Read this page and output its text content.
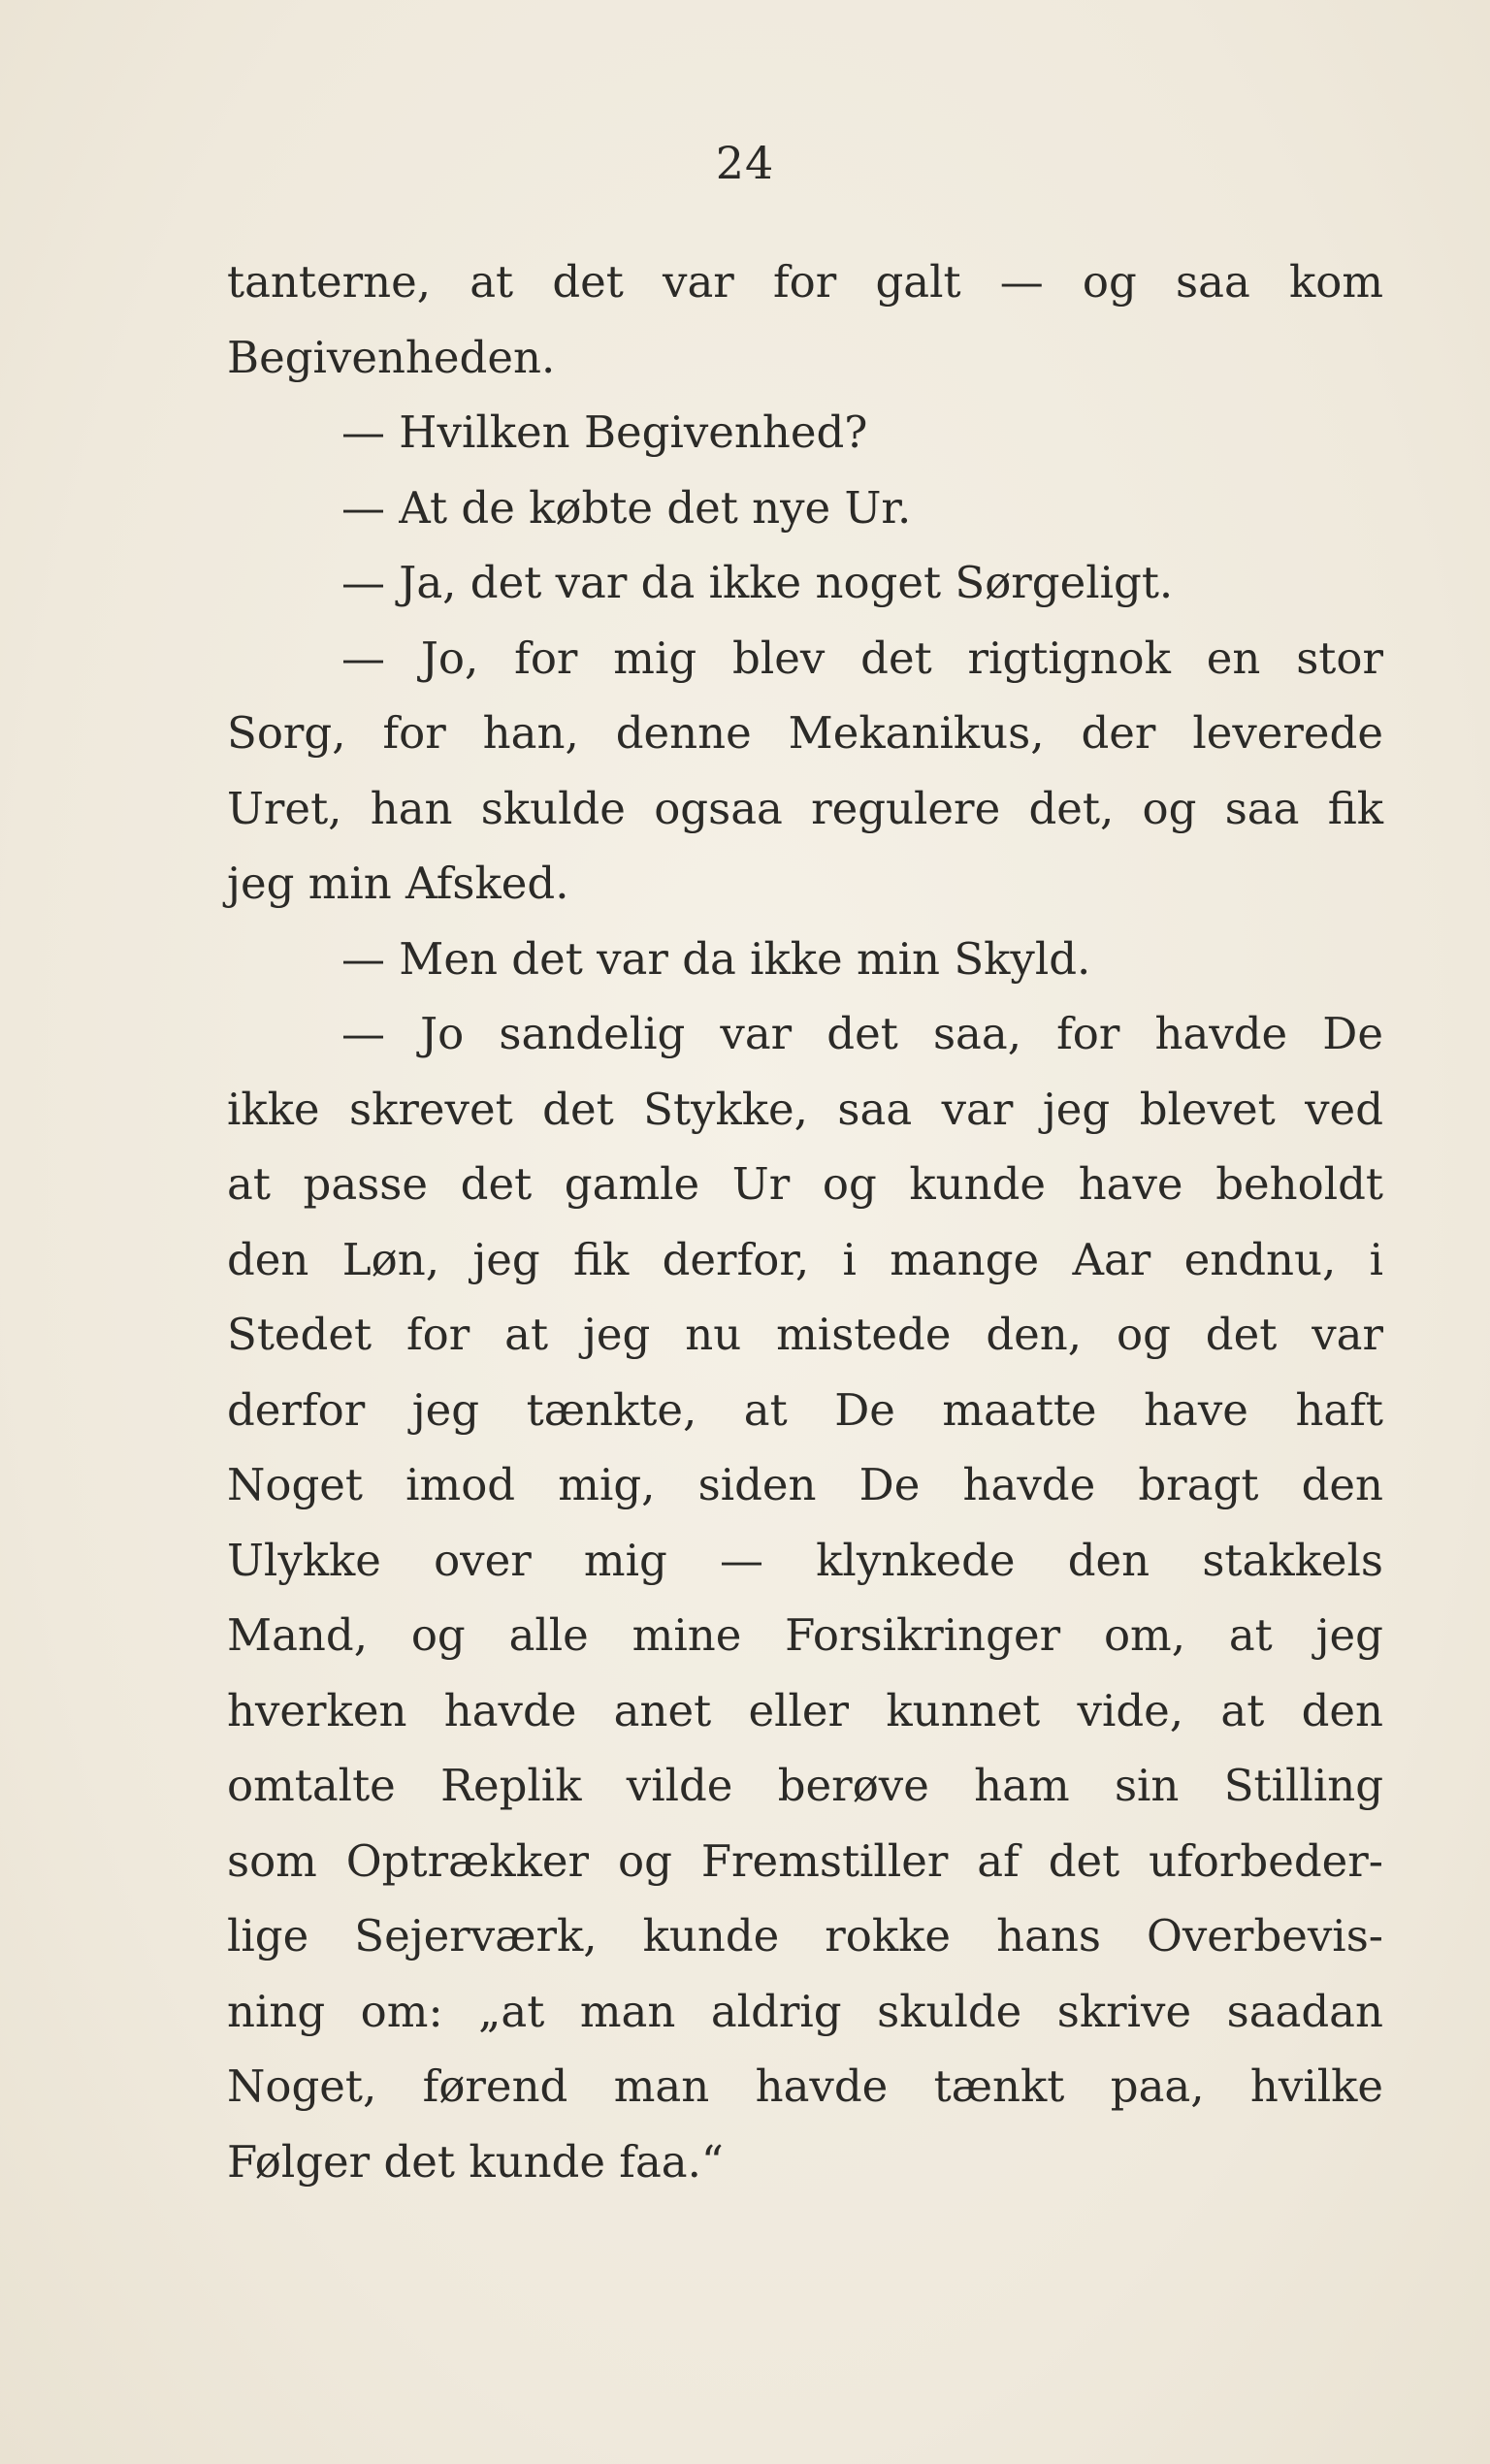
24
tanterne, at det var for galt — og saa kom
Begivenheden.
— Hvilken Begivenhed?
— At de købte det nye Ur.
— Ja, det var da ikke noget Sørgeligt.
— Jo, for mig blev det rigtignok en stor
Sorg, for han, denne Mekanikus, der leverede
Uret, han skulde ogsaa regulere det, og saa fik
jeg min Afsked.
— Men det var da ikke min Skyld.
— Jo sandelig var det saa, for havde De
ikke skrevet det Stykke, saa var jeg blevet ved
at passe det gamle Ur og kunde have beholdt
den Løn, jeg fik derfor, i mange Aar endnu, i
Stedet for at jeg nu mistede den, og det var
derfor jeg tænkte, at De maatte have haft
Noget imod mig, siden De havde bragt den
Ulykke over mig — klynkede den stakkels
Mand, og alle mine Forsikringer om, at jeg
hverken havde anet eller kunnet vide, at den
omtalte Replik vilde berøve ham sin Stilling
som Optrækker og Fremstiller af det uforbeder-
lige Sejerværk, kunde rokke hans Overbevis-
ning om: „at man aldrig skulde skrive saadan
Noget, førend man havde tænkt paa, hvilke
Følger det kunde faa.“
